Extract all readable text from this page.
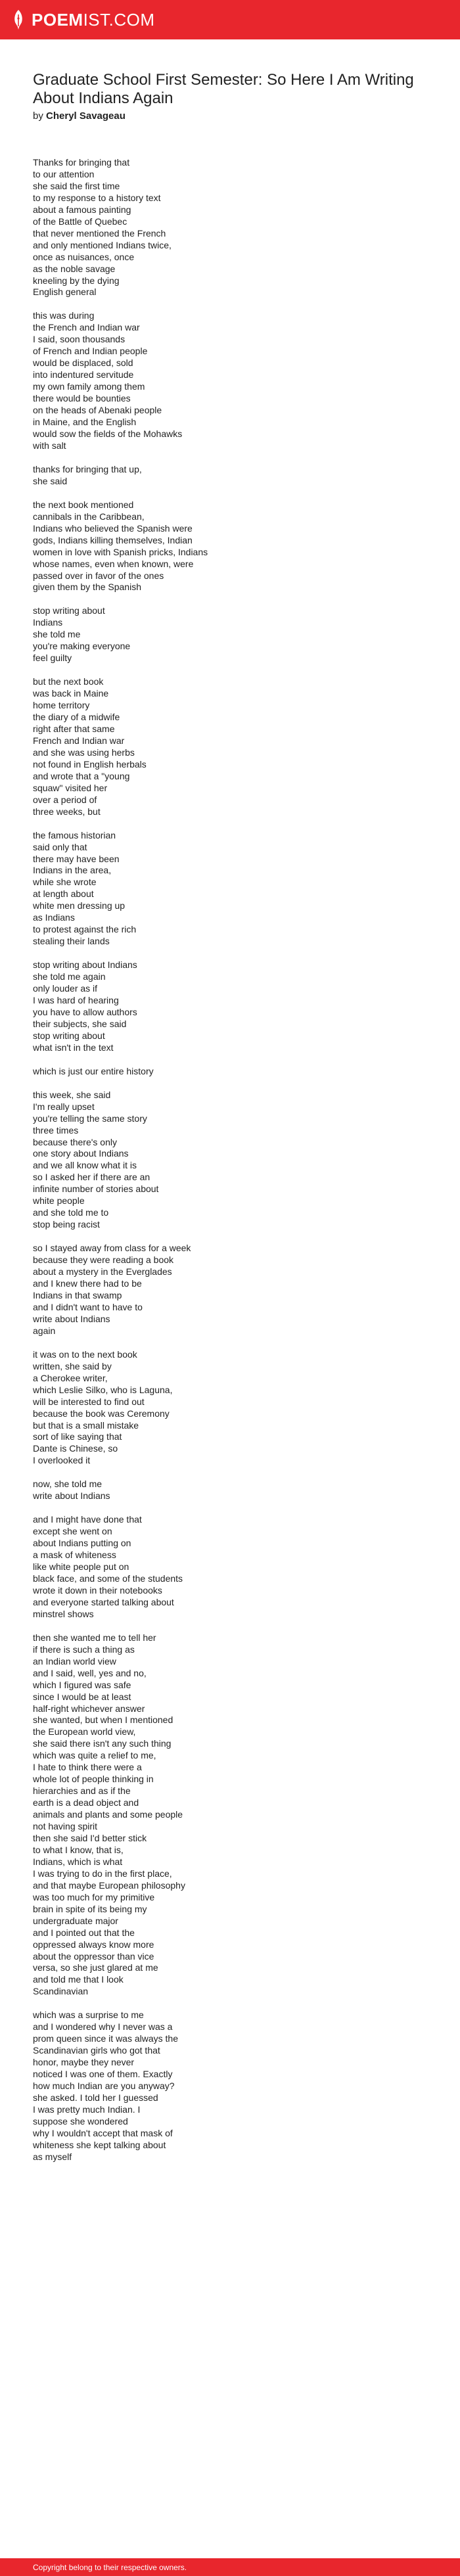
POEMIST.COM
Graduate School First Semester: So Here I Am Writing About Indians Again
by Cheryl Savageau
Thanks for bringing that
to our attention
she said the first time
to my response to a history text
about a famous painting
of the Battle of Quebec
that never mentioned the French
and only mentioned Indians twice,
once as nuisances, once
as the noble savage
kneeling by the dying
English general
this was during
the French and Indian war
I said, soon thousands
of French and Indian people
would be displaced, sold
into indentured servitude
my own family among them
there would be bounties
on the heads of Abenaki people
in Maine, and the English
would sow the fields of the Mohawks
with salt
thanks for bringing that up,
she said
the next book mentioned
cannibals in the Caribbean,
Indians who believed the Spanish were
gods, Indians killing themselves, Indian
women in love with Spanish pricks, Indians
whose names, even when known, were
passed over in favor of the ones
given them by the Spanish
stop writing about
Indians
she told me
you're making everyone
feel guilty
but the next book
was back in Maine
home territory
the diary of a midwife
right after that same
French and Indian war
and she was using herbs
not found in English herbals
and wrote that a "young
squaw" visited her
over a period of
three weeks, but
the famous historian
said only that
there may have been
Indians in the area,
while she wrote
at length about
white men dressing up
as Indians
to protest against the rich
stealing their lands
stop writing about Indians
she told me again
only louder as if
I was hard of hearing
you have to allow authors
their subjects, she said
stop writing about
what isn't in the text
which is just our entire history
this week, she said
I'm really upset
you're telling the same story
three times
because there's only
one story about Indians
and we all know what it is
so I asked her if there are an
infinite number of stories about
white people
and she told me to
stop being racist
so I stayed away from class for a week
because they were reading a book
about a mystery in the Everglades
and I knew there had to be
Indians in that swamp
and I didn't want to have to
write about Indians
again
it was on to the next book
written, she said by
a Cherokee writer,
which Leslie Silko, who is Laguna,
will be interested to find out
because the book was Ceremony
but that is a small mistake
sort of like saying that
Dante is Chinese, so
I overlooked it
now, she told me
write about Indians
and I might have done that
except she went on
about Indians putting on
a mask of whiteness
like white people put on
black face, and some of the students
wrote it down in their notebooks
and everyone started talking about
minstrel shows
then she wanted me to tell her
if there is such a thing as
an Indian world view
and I said, well, yes and no,
which I figured was safe
since I would be at least
half-right whichever answer
she wanted, but when I mentioned
the European world view,
she said there isn't any such thing
which was quite a relief to me,
I hate to think there were a
whole lot of people thinking in
hierarchies and as if the
earth is a dead object and
animals and plants and some people
not having spirit
then she said I'd better stick
to what I know, that is,
Indians, which is what
I was trying to do in the first place,
and that maybe European philosophy
was too much for my primitive
brain in spite of its being my
undergraduate major
and I pointed out that the
oppressed always know more
about the oppressor than vice
versa, so she just glared at me
and told me that I look
Scandinavian
which was a surprise to me
and I wondered why I never was a
prom queen since it was always the
Scandinavian girls who got that
honor, maybe they never
noticed I was one of them. Exactly
how much Indian are you anyway?
she asked. I told her I guessed
I was pretty much Indian. I
suppose she wondered
why I wouldn't accept that mask of
whiteness she kept talking about
as myself
Copyright belong to their respective owners.
